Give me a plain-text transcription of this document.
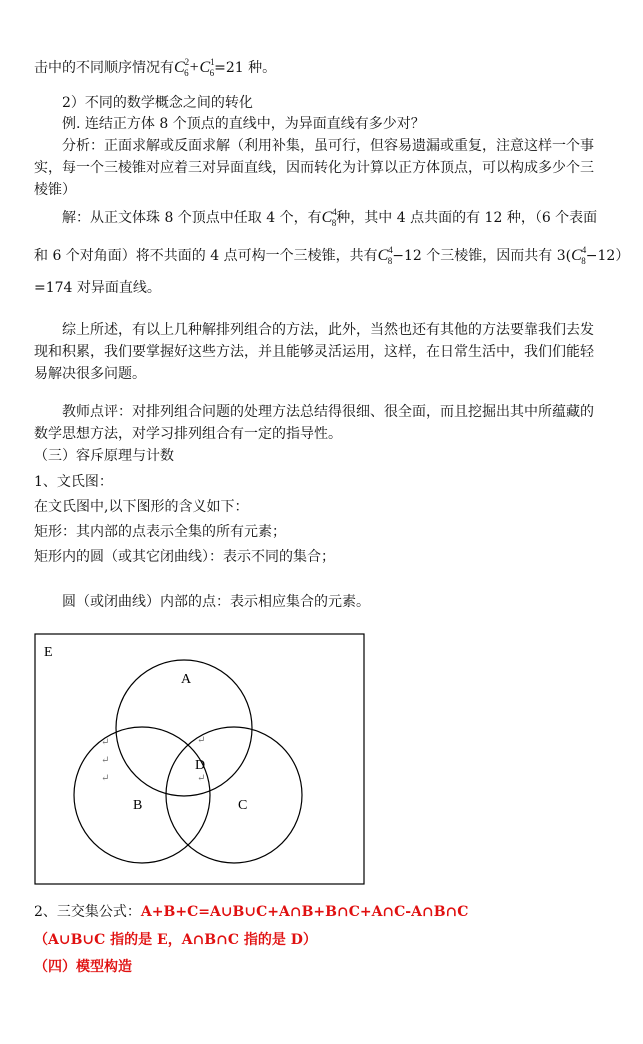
击中的不同顺序情况有$C^2_6+C^1_6=21$ 种。
2）不同的数学概念之间的转化
例. 连结正方体 8 个顶点的直线中，为异面直线有多少对？
分析：正面求解或反面求解（利用补集，虽可行，但容易遗漏或重复，注意这样一个事
实，每一个三棱锥对应着三对异面直线，因而转化为计算以正方体顶点，可以构成多少个三
棱锥）
解：从正文体珠 8 个顶点中任取 4 个，有$C^4_8$种，其中 4 点共面的有 12 种，（6 个表面
和 6 个对角面）将不共面的 4 点可构一个三棱锥，共有$C^4_8-12$ 个三棱锥，因而共有 $3(C^4_8-12)$
=174 对异面直线。
综上所述，有以上几种解排列组合的方法，此外，当然也还有其他的方法要靠我们去发
现和积累，我们要掌握好这些方法，并且能够灵活运用，这样，在日常生活中，我们们能轻
易解决很多问题。
教师点评：对排列组合问题的处理方法总结得很细、很全面，而且挖掘出其中所蕴藏的
数学思想方法，对学习排列组合有一定的指导性。
（三）容斥原理与计数
1、文氏图：
在文氏图中,以下图形的含义如下：
矩形：其内部的点表示全集的所有元素；
矩形内的圆（或其它闭曲线）：表示不同的集合；
圆（或闭曲线）内部的点：表示相应集合的元素。
E
A
D
B	C
↵
↵
↵
↵
↵
2、三交集公式：A+B+C=A∪B∪C+A∩B+B∩C+A∩C-A∩B∩C
（A∪B∪C 指的是 E，A∩B∩C 指的是 D）
（四）模型构造
